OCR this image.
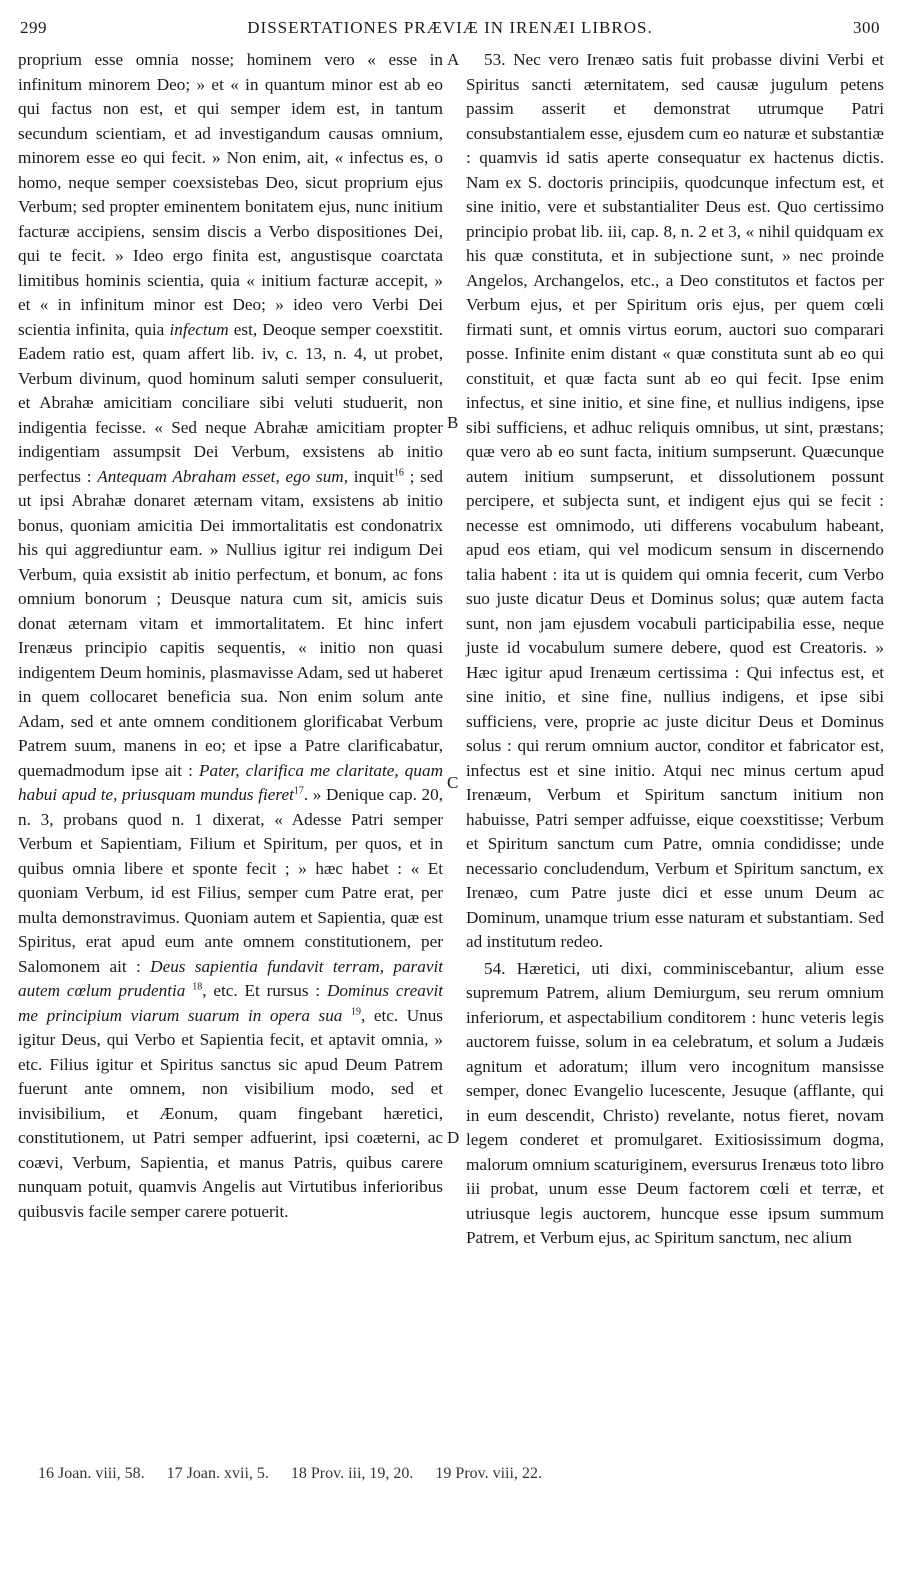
299	DISSERTATIONES PRÆVIÆ IN IRENÆI LIBROS.	300
A
B
C
D

proprium esse omnia nosse; hominem vero « esse in infinitum minorem Deo; » et « in quantum minor est ab eo qui factus non est, et qui semper idem est, in tantum secundum scientiam, et ad investigandum causas omnium, minorem esse eo qui fecit. » Non enim, ait, « infectus es, o homo, neque semper coexsistebas Deo, sicut proprium ejus Verbum; sed propter eminentem bonitatem ejus, nunc initium facturæ accipiens, sensim discis a Verbo dispositiones Dei, qui te fecit. » Ideo ergo finita est, angustisque coarctata limitibus hominis scientia, quia « initium facturæ accepit, » et « in infinitum minor est Deo; » ideo vero Verbi Dei scientia infinita, quia infectum est, Deoque semper coexstitit. Eadem ratio est, quam affert lib. iv, c. 13, n. 4, ut probet, Verbum divinum, quod hominum saluti semper consuluerit, et Abrahæ amicitiam conciliare sibi veluti studuerit, non indigentia fecisse. « Sed neque Abrahæ amicitiam propter indigentiam assumpsit Dei Verbum, exsistens ab initio perfectus : Antequam Abraham esset, ego sum, inquit$^{16}$ ; sed ut ipsi Abrahæ donaret æternam vitam, exsistens ab initio bonus, quoniam amicitia Dei immortalitatis est condonatrix his qui aggrediuntur eam. » Nullius igitur rei indigum Dei Verbum, quia exsistit ab initio perfectum, et bonum, ac fons omnium bonorum ; Deusque natura cum sit, amicis suis donat æternam vitam et immortalitatem. Et hinc infert Irenæus principio capitis sequentis, « initio non quasi indigentem Deum hominis, plasmavisse Adam, sed ut haberet in quem collocaret beneficia sua. Non enim solum ante Adam, sed et ante omnem conditionem glorificabat Verbum Patrem suum, manens in eo; et ipse a Patre clarificabatur, quemadmodum ipse ait : Pater, clarifica me claritate, quam habui apud te, priusquam mundus fieret$^{17}$. » Denique cap. 20, n. 3, probans quod n. 1 dixerat, « Adesse Patri semper Verbum et Sapientiam, Filium et Spiritum, per quos, et in quibus omnia libere et sponte fecit ; » hæc habet : « Et quoniam Verbum, id est Filius, semper cum Patre erat, per multa demonstravimus. Quoniam autem et Sapientia, quæ est Spiritus, erat apud eum ante omnem constitutionem, per Salomonem ait : Deus sapientia fundavit terram, paravit autem cœlum prudentia $^{18}$, etc. Et rursus : Dominus creavit me principium viarum suarum in opera sua $^{19}$, etc. Unus igitur Deus, qui Verbo et Sapientia fecit, et aptavit omnia, » etc. Filius igitur et Spiritus sanctus sic apud Deum Patrem fuerunt ante omnem, non visibilium modo, sed et invisibilium, et Æonum, quam fingebant hæretici, constitutionem, ut Patri semper adfuerint, ipsi coæterni, ac coævi, Verbum, Sapientia, et manus Patris, quibus carere nunquam potuit, quamvis Angelis aut Virtutibus inferioribus quibusvis facile semper carere potuerit.

53. Nec vero Irenæo satis fuit probasse divini Verbi et Spiritus sancti æternitatem, sed causæ jugulum petens passim asserit et demonstrat utrumque Patri consubstantialem esse, ejusdem cum eo naturæ et substantiæ : quamvis id satis aperte consequatur ex hactenus dictis. Nam ex S. doctoris principiis, quodcunque infectum est, et sine initio, vere et substantialiter Deus est. Quo certissimo principio probat lib. iii, cap. 8, n. 2 et 3, « nihil quidquam ex his quæ constituta, et in subjectione sunt, » nec proinde Angelos, Archangelos, etc., a Deo constitutos et factos per Verbum ejus, et per Spiritum oris ejus, per quem cœli firmati sunt, et omnis virtus eorum, auctori suo comparari posse. Infinite enim distant « quæ constituta sunt ab eo qui constituit, et quæ facta sunt ab eo qui fecit. Ipse enim infectus, et sine initio, et sine fine, et nullius indigens, ipse sibi sufficiens, et adhuc reliquis omnibus, ut sint, præstans; quæ vero ab eo sunt facta, initium sumpserunt. Quæcunque autem initium sumpserunt, et dissolutionem possunt percipere, et subjecta sunt, et indigent ejus qui se fecit : necesse est omnimodo, uti differens vocabulum habeant, apud eos etiam, qui vel modicum sensum in discernendo talia habent : ita ut is quidem qui omnia fecerit, cum Verbo suo juste dicatur Deus et Dominus solus; quæ autem facta sunt, non jam ejusdem vocabuli participabilia esse, neque juste id vocabulum sumere debere, quod est Creatoris. » Hæc igitur apud Irenæum certissima : Qui infectus est, et sine initio, et sine fine, nullius indigens, et ipse sibi sufficiens, vere, proprie ac juste dicitur Deus et Dominus solus : qui rerum omnium auctor, conditor et fabricator est, infectus est et sine initio. Atqui nec minus certum apud Irenæum, Verbum et Spiritum sanctum initium non habuisse, Patri semper adfuisse, eique coexstitisse; Verbum et Spiritum sanctum cum Patre, omnia condidisse; unde necessario concludendum, Verbum et Spiritum sanctum, ex Irenæo, cum Patre juste dici et esse unum Deum ac Dominum, unamque trium esse naturam et substantiam. Sed ad institutum redeo.

54. Hæretici, uti dixi, comminiscebantur, alium esse supremum Patrem, alium Demiurgum, seu rerum omnium inferiorum, et aspectabilium conditorem : hunc veteris legis auctorem fuisse, solum in ea celebratum, et solum a Judæis agnitum et adoratum; illum vero incognitum mansisse semper, donec Evangelio lucescente, Jesuque (afflante, qui in eum descendit, Christo) revelante, notus fieret, novam legem conderet et promulgaret. Exitiosissimum dogma, malorum omnium scaturiginem, eversurus Irenæus toto libro iii probat, unum esse Deum factorem cœli et terræ, et utriusque legis auctorem, huncque esse ipsum summum Patrem, et Verbum ejus, ac Spiritum sanctum, nec alium

16 Joan. viii, 58. 17 Joan. xvii, 5. 18 Prov. iii, 19, 20. 19 Prov. viii, 22.
